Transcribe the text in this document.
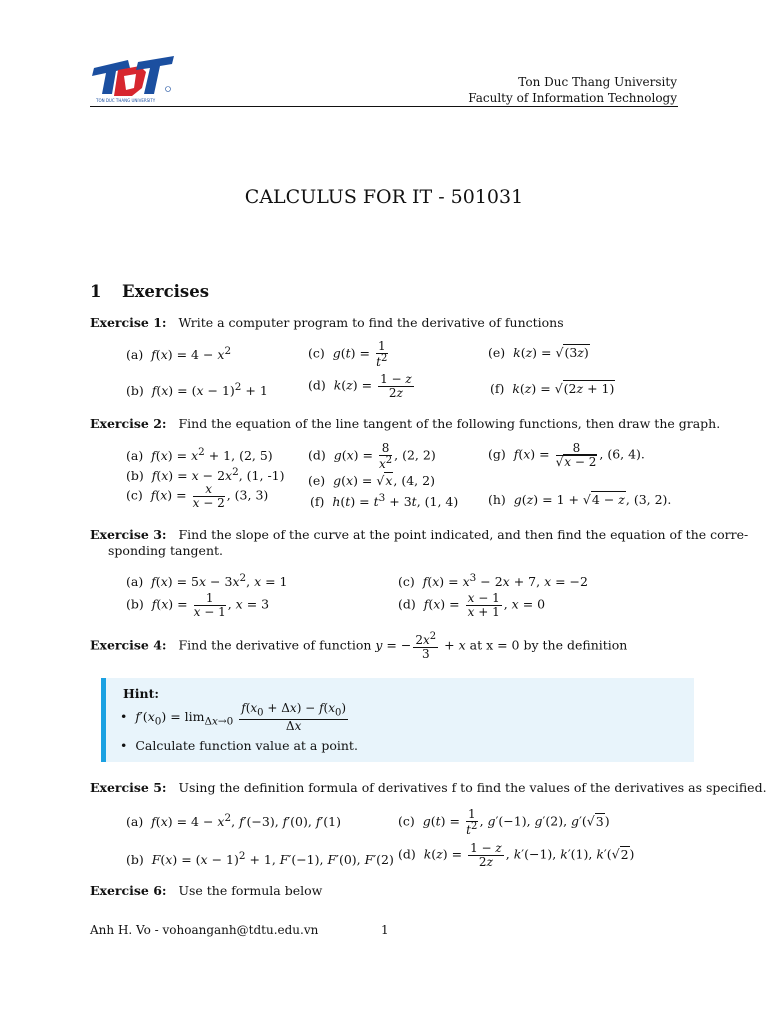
TON DUC THANG UNIVERSITY
Ton Duc Thang University
Faculty of Information Technology
CALCULUS FOR IT - 501031
1 Exercises
Exercise 1: Write a computer program to find the derivative of functions
(a)  $f(x) = 4 - x^2$
(b)  $f(x) = (x - 1)^2 + 1$
(c)  $g(t) = \frac{1}{t^2}$
(d)  $k(z) = \frac{1 - z}{2z}$
(e)  k(z) = √(3z)
(f)  k(z) = √(2z + 1)
Exercise 2: Find the equation of the line tangent of the following functions, then draw the graph.
(a)  $f(x) = x^2 + 1$, (2, 5)
(b)  $f(x) = x - 2x^2$, (1, -1)
(c)  $f(x) = \frac{x}{x - 2}$ , (3, 3)
(d)  $g(x) = \frac{8}{x^2}$ , (2, 2)
(e)  g(x) = √x, (4, 2)
(f)  $h(t) = t^3 + 3t$, (1, 4)
(g)  $f(x) = \frac{8}{√x - 2}$ , (6, 4).
(h)  g(z) = 1 + √4 − z, (3, 2).
Exercise 3: Find the slope of the curve at the point indicated, and then find the equation of the corre-
sponding tangent.
(a)  $f(x) = 5x - 3x^2$, x = 1
(b)  $f(x) = \frac{1}{x - 1}$ , x = 3
(c)  $f(x) = x^3 - 2x + 7$, x = −2
(d)  $f(x) = \frac{x - 1}{x + 1}$ , x = 0
Exercise 4: Find the derivative of function y = − $\frac{2x^2}{3} + x$ at x = 0 by the definition
Hint:
•  $f'(x_0) = \lim_{\Delta x\to 0} \frac{f(x_0 + \Delta x) - f(x_0)}{\Delta x}$
•  Calculate function value at a point.
Exercise 5: Using the definition formula of derivatives f to find the values of the derivatives as specified.
(a)  $f(x) = 4 - x^2$, f′(−3), f′(0), f′(1)
(b)  $F(x) = (x - 1)^2 + 1$, F′(−1), F′(0), F′(2)
(c)  $g(t) = \frac{1}{t^2}$ , g′(−1), g′(2), g′(√3)
(d)  $k(z) = \frac{1 - z}{2z}$ , k′(−1), k′(1), k′(√2)
Exercise 6: Use the formula below
Anh H. Vo - vohoanganh@tdtu.edu.vn	1
